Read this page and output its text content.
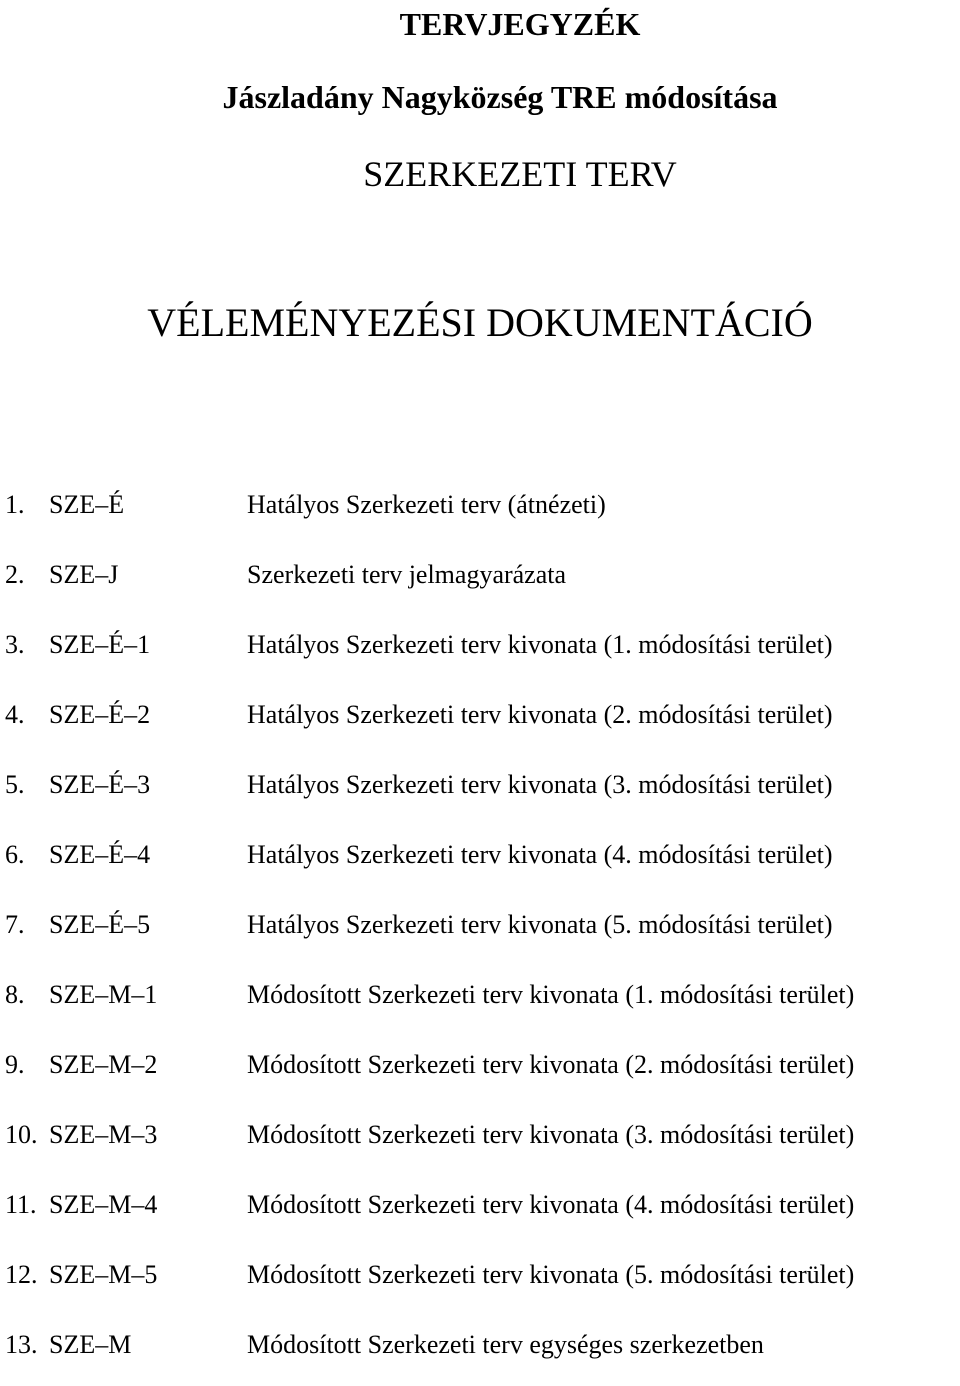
TERVJEGYZÉK
Jászladány Nagyközség TRE módosítása
SZERKEZETI TERV
VÉLEMÉNYEZÉSI DOKUMENTÁCIÓ
1. SZE–É	Hatályos Szerkezeti terv (átnézeti)
2. SZE–J	Szerkezeti terv jelmagyarázata
3. SZE–É–1	Hatályos Szerkezeti terv kivonata (1. módosítási terület)
4. SZE–É–2	Hatályos Szerkezeti terv kivonata (2. módosítási terület)
5. SZE–É–3	Hatályos Szerkezeti terv kivonata (3. módosítási terület)
6. SZE–É–4	Hatályos Szerkezeti terv kivonata (4. módosítási terület)
7. SZE–É–5	Hatályos Szerkezeti terv kivonata (5. módosítási terület)
8. SZE–M–1	Módosított Szerkezeti terv kivonata (1. módosítási terület)
9. SZE–M–2	Módosított Szerkezeti terv kivonata (2. módosítási terület)
10. SZE–M–3	Módosított Szerkezeti terv kivonata (3. módosítási terület)
11. SZE–M–4	Módosított Szerkezeti terv kivonata (4. módosítási terület)
12. SZE–M–5	Módosított Szerkezeti terv kivonata (5. módosítási terület)
13. SZE–M	Módosított Szerkezeti terv egységes szerkezetben
